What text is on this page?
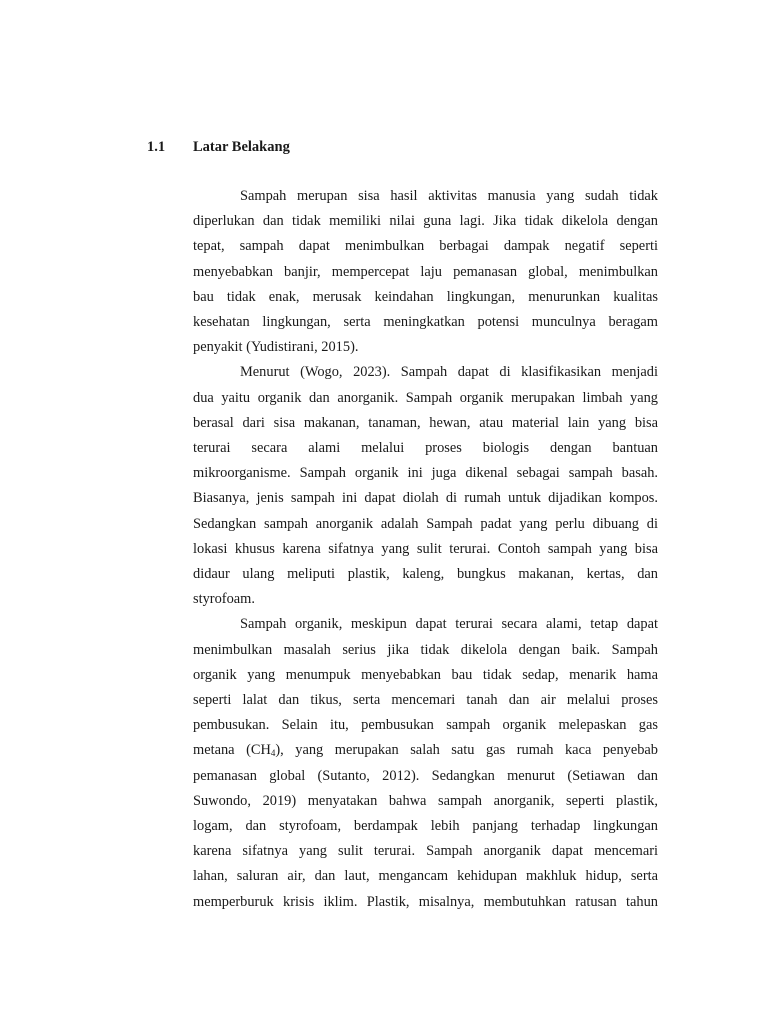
1.1 Latar Belakang

Sampah merupan sisa hasil aktivitas manusia yang sudah tidak
diperlukan dan tidak memiliki nilai guna lagi. Jika tidak dikelola dengan
tepat, sampah dapat menimbulkan berbagai dampak negatif seperti
menyebabkan banjir, mempercepat laju pemanasan global, menimbulkan
bau tidak enak, merusak keindahan lingkungan, menurunkan kualitas
kesehatan lingkungan, serta meningkatkan potensi munculnya beragam
penyakit (Yudistirani, 2015).

Menurut (Wogo, 2023). Sampah dapat di klasifikasikan menjadi
dua yaitu organik dan anorganik. Sampah organik merupakan limbah yang
berasal dari sisa makanan, tanaman, hewan, atau material lain yang bisa
terurai secara alami melalui proses biologis dengan bantuan
mikroorganisme. Sampah organik ini juga dikenal sebagai sampah basah.
Biasanya, jenis sampah ini dapat diolah di rumah untuk dijadikan kompos.
Sedangkan sampah anorganik adalah Sampah padat yang perlu dibuang di
lokasi khusus karena sifatnya yang sulit terurai. Contoh sampah yang bisa
didaur ulang meliputi plastik, kaleng, bungkus makanan, kertas, dan
styrofoam.

Sampah organik, meskipun dapat terurai secara alami, tetap dapat
menimbulkan masalah serius jika tidak dikelola dengan baik. Sampah
organik yang menumpuk menyebabkan bau tidak sedap, menarik hama
seperti lalat dan tikus, serta mencemari tanah dan air melalui proses
pembusukan. Selain itu, pembusukan sampah organik melepaskan gas
metana $(CH_4)$, yang merupakan salah satu gas rumah kaca penyebab
pemanasan global (Sutanto, 2012). Sedangkan menurut (Setiawan dan
Suwondo, 2019) menyatakan bahwa sampah anorganik, seperti plastik,
logam, dan styrofoam, berdampak lebih panjang terhadap lingkungan
karena sifatnya yang sulit terurai. Sampah anorganik dapat mencemari
lahan, saluran air, dan laut, mengancam kehidupan makhluk hidup, serta
memperburuk krisis iklim. Plastik, misalnya, membutuhkan ratusan tahun
